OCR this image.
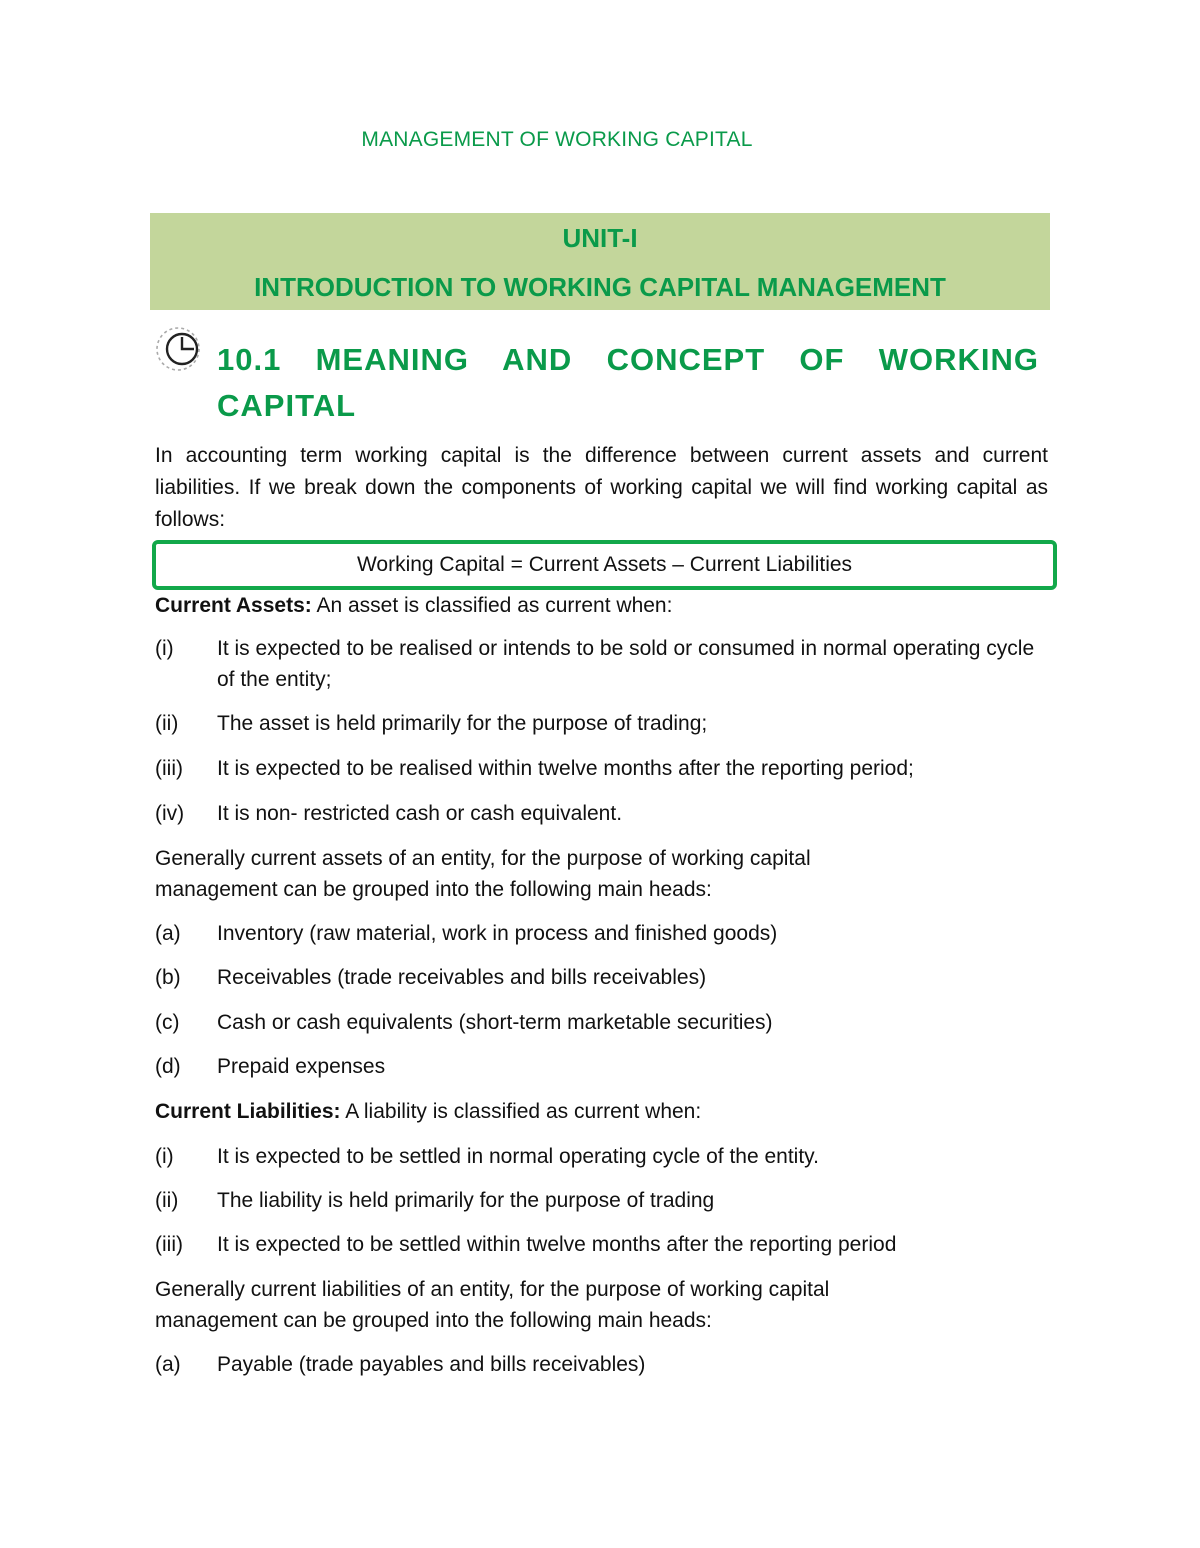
MANAGEMENT OF WORKING CAPITAL
UNIT-I
INTRODUCTION TO WORKING CAPITAL MANAGEMENT
10.1 MEANING AND CONCEPT OF WORKING
CAPITAL
In accounting term working capital is the difference between current assets and current liabilities. If we break down the components of working capital we will find working capital as follows:
Working Capital = Current Assets – Current Liabilities
Current Assets: An asset is classified as current when:
(i) It is expected to be realised or intends to be sold or consumed in normal operating cycle of the entity;
(ii) The asset is held primarily for the purpose of trading;
(iii) It is expected to be realised within twelve months after the reporting period;
(iv) It is non- restricted cash or cash equivalent.
Generally current assets of an entity, for the purpose of working capital management can be grouped into the following main heads:
(a) Inventory (raw material, work in process and finished goods)
(b) Receivables (trade receivables and bills receivables)
(c) Cash or cash equivalents (short-term marketable securities)
(d) Prepaid expenses
Current Liabilities: A liability is classified as current when:
(i) It is expected to be settled in normal operating cycle of the entity.
(ii) The liability is held primarily for the purpose of trading
(iii) It is expected to be settled within twelve months after the reporting period
Generally current liabilities of an entity, for the purpose of working capital management can be grouped into the following main heads:
(a) Payable (trade payables and bills receivables)
